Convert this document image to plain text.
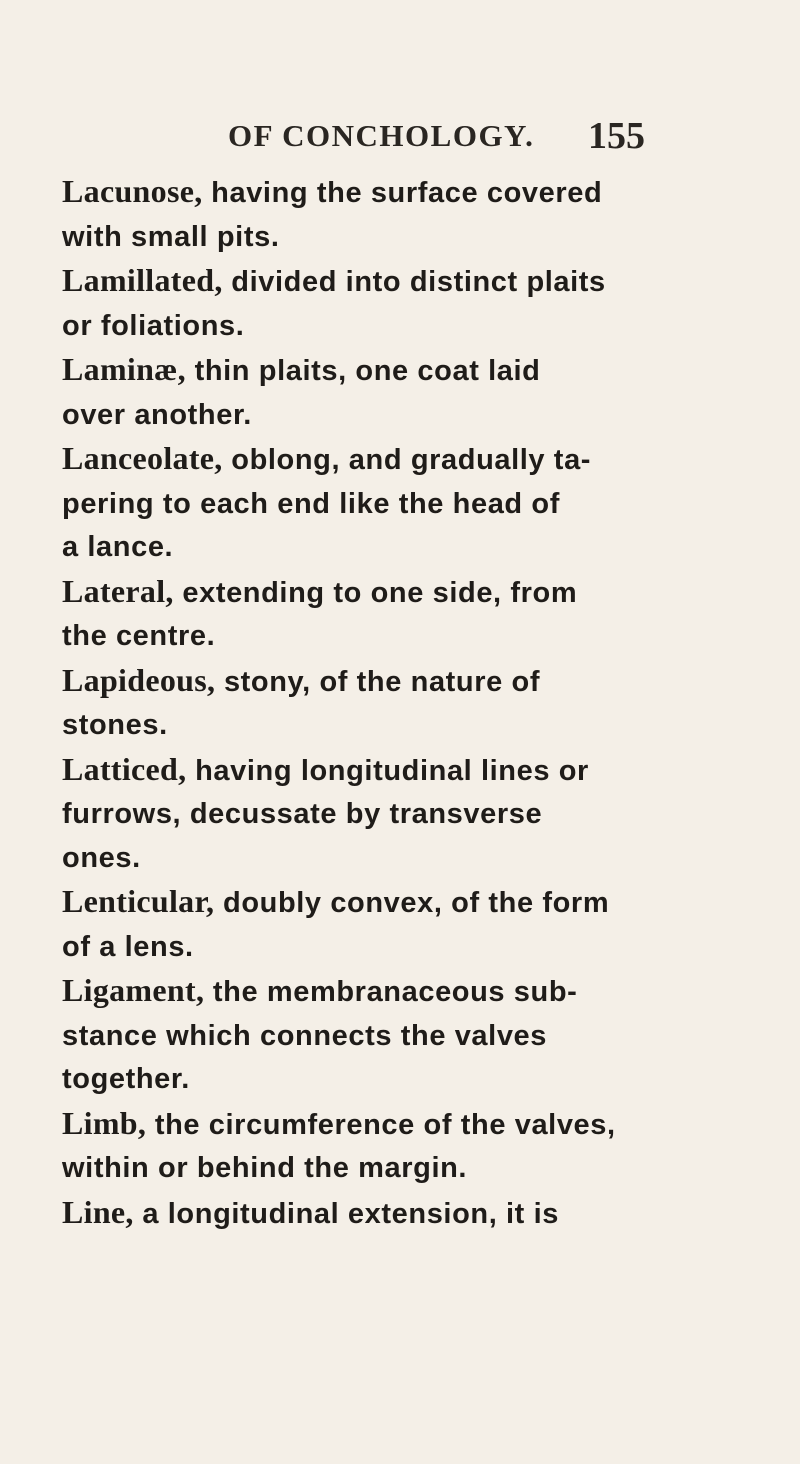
OF CONCHOLOGY. 155

Lacunose, having the surface covered
with small pits.

Lamillated, divided into distinct plaits
or foliations.

Laminæ, thin plaits, one coat laid
over another.

Lanceolate, oblong, and gradually ta-
pering to each end like the head of
a lance.

Lateral, extending to one side, from
the centre.

Lapideous, stony, of the nature of
stones.

Latticed, having longitudinal lines or
furrows, decussate by transverse
ones.

Lenticular, doubly convex, of the form
of a lens.

Ligament, the membranaceous sub-
stance which connects the valves
together.

Limb, the circumference of the valves,
within or behind the margin.

Line, a longitudinal extension, it is
